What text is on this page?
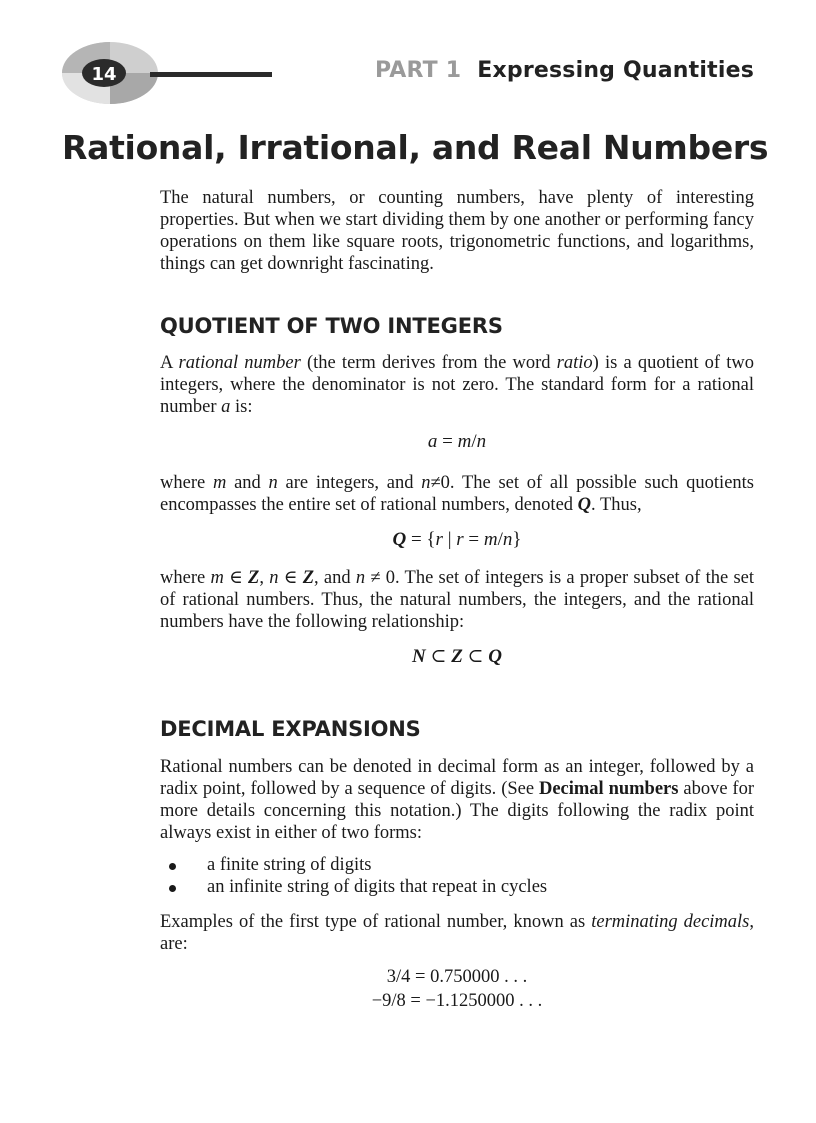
14	PART 1 Expressing Quantities
Rational, Irrational, and Real Numbers

The natural numbers, or counting numbers, have plenty of interesting properties. But when we start dividing them by one another or performing fancy operations on them like square roots, trigonometric functions, and logarithms, things can get downright fascinating.

QUOTIENT OF TWO INTEGERS

A rational number (the term derives from the word ratio) is a quotient of two integers, where the denominator is not zero. The standard form for a rational number a is:

a = m/n

where m and n are integers, and n≠0. The set of all possible such quotients encompasses the entire set of rational numbers, denoted Q. Thus,

Q = {r | r = m/n}

where m ∈ Z, n ∈ Z, and n ≠ 0. The set of integers is a proper subset of the set of rational numbers. Thus, the natural numbers, the integers, and the rational numbers have the following relationship:

N ⊂ Z ⊂ Q
DECIMAL EXPANSIONS

Rational numbers can be denoted in decimal form as an integer, followed by a radix point, followed by a sequence of digits. (See Decimal numbers above for more details concerning this notation.) The digits following the radix point always exist in either of two forms:

a finite string of digits
an infinite string of digits that repeat in cycles

Examples of the first type of rational number, known as terminating decimals, are:

3/4 = 0.750000 . . .
−9/8 = −1.1250000 . . .
